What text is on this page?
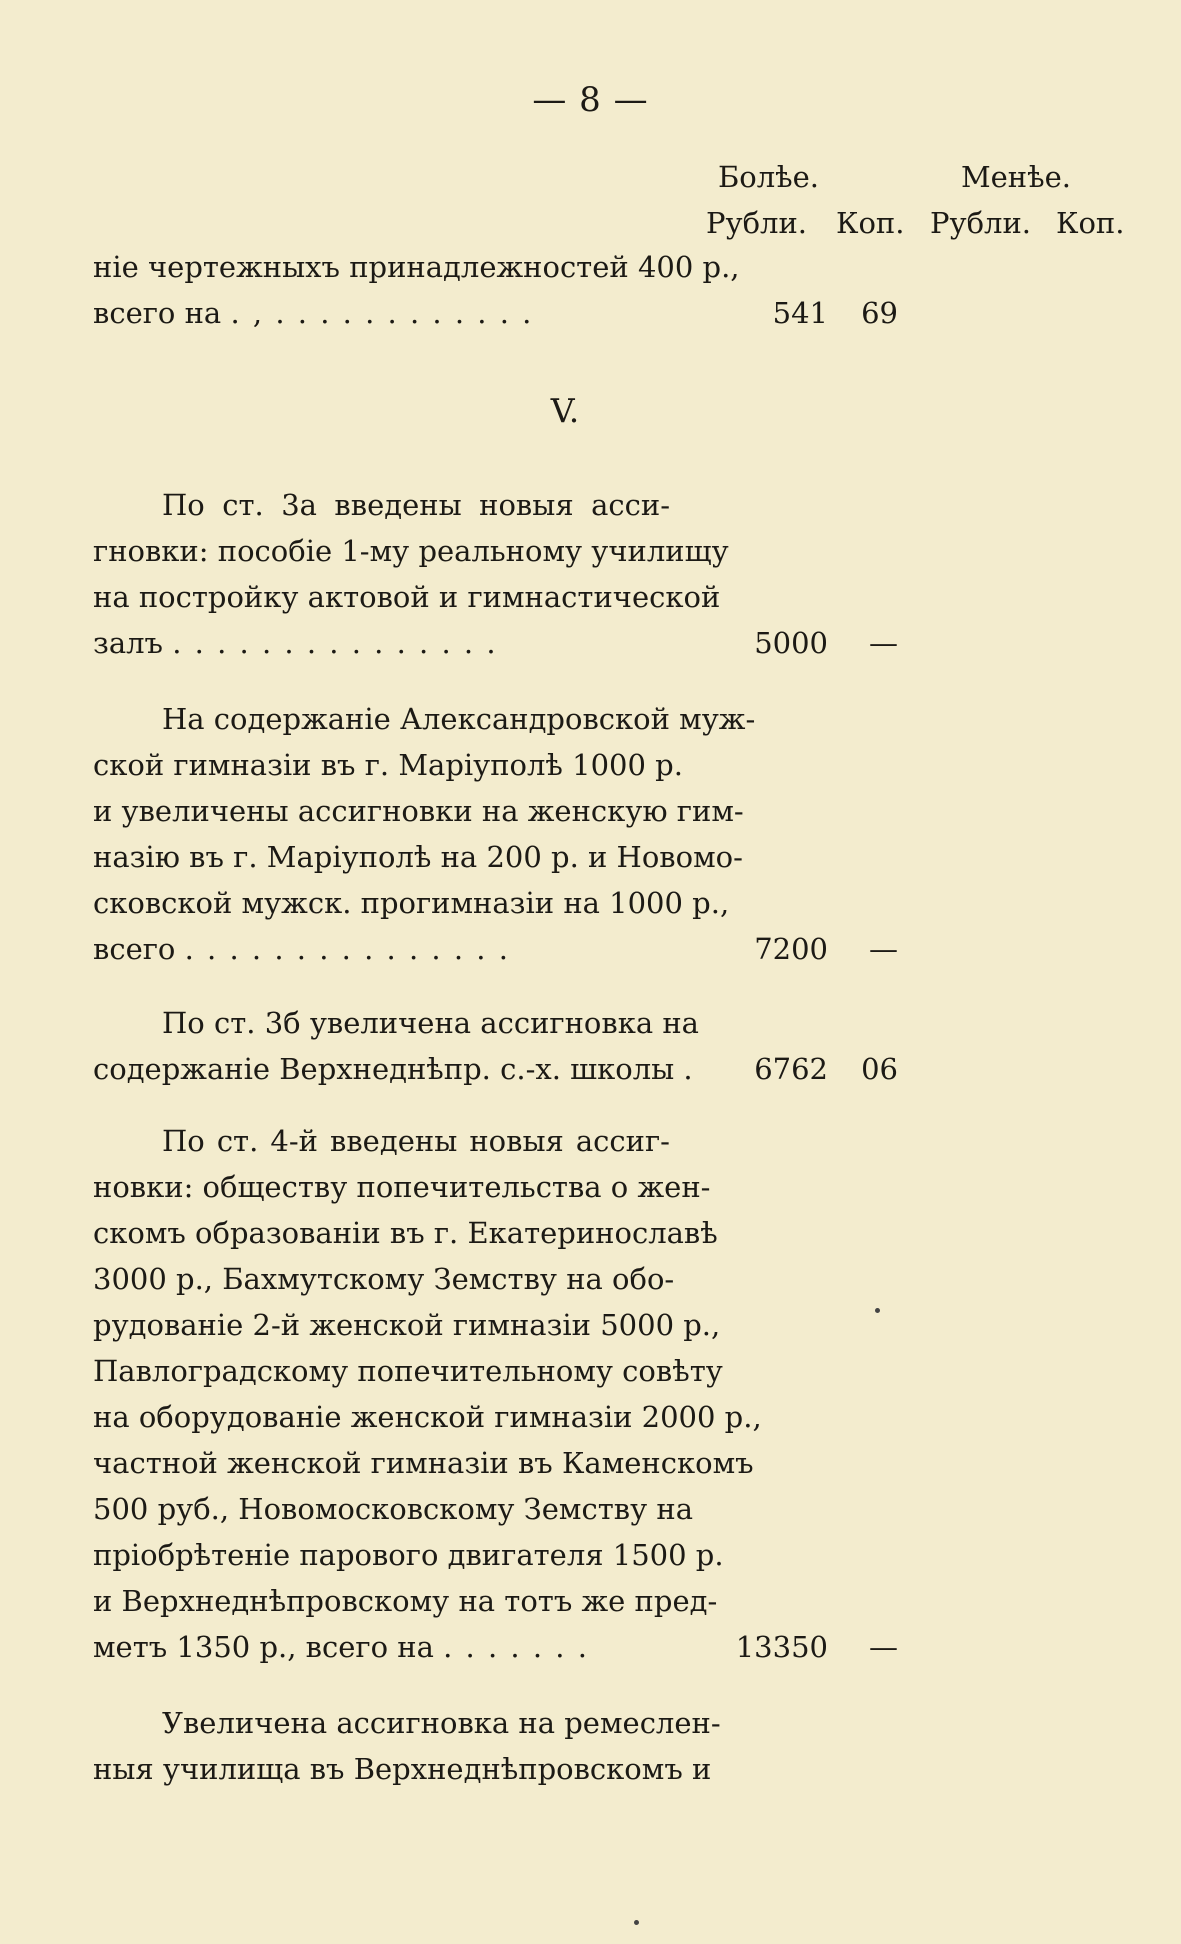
— 8 —
Болѣе.	Менѣе.
Рубли. Коп. Рубли. Коп.
ніе чертежныхъ принадлежностей 400 р.,
всего на . , . . . . . . . . . . . .	541 69
V.
По ст. 3а введены новыя асси-
гновки: пособіе 1-му реальному училищу
на постройку актовой и гимнастической
залъ . . . . . . . . . . . . . . .	5000 —
На содержаніе Александровской муж-
ской гимназіи въ г. Маріуполѣ 1000 р.
и увеличены ассигновки на женскую гим-
назію въ г. Маріуполѣ на 200 р. и Новомо-
сковской мужск. прогимназіи на 1000 р.,
всего . . . . . . . . . . . . . . .	7200 —
По ст. 3б увеличена ассигновка на
содержаніе Верхнеднѣпр. с.-х. школы . 6762 06
По ст. 4-й введены новыя ассиг-
новки: обществу попечительства о жен-
скомъ образованіи въ г. Екатеринославѣ
3000 р., Бахмутскому Земству на обо-
рудованіе 2-й женской гимназіи 5000 р.,
Павлоградскому попечительному совѣту
на оборудованіе женской гимназіи 2000 р.,
частной женской гимназіи въ Каменскомъ
500 руб., Новомосковскому Земству на
пріобрѣтеніе парового двигателя 1500 р.
и Верхнеднѣпровскому на тотъ же пред-
метъ 1350 р., всего на . . . . . . .	13350 —
Увеличена ассигновка на ремеслен-
ныя училища въ Верхнеднѣпровскомъ и
